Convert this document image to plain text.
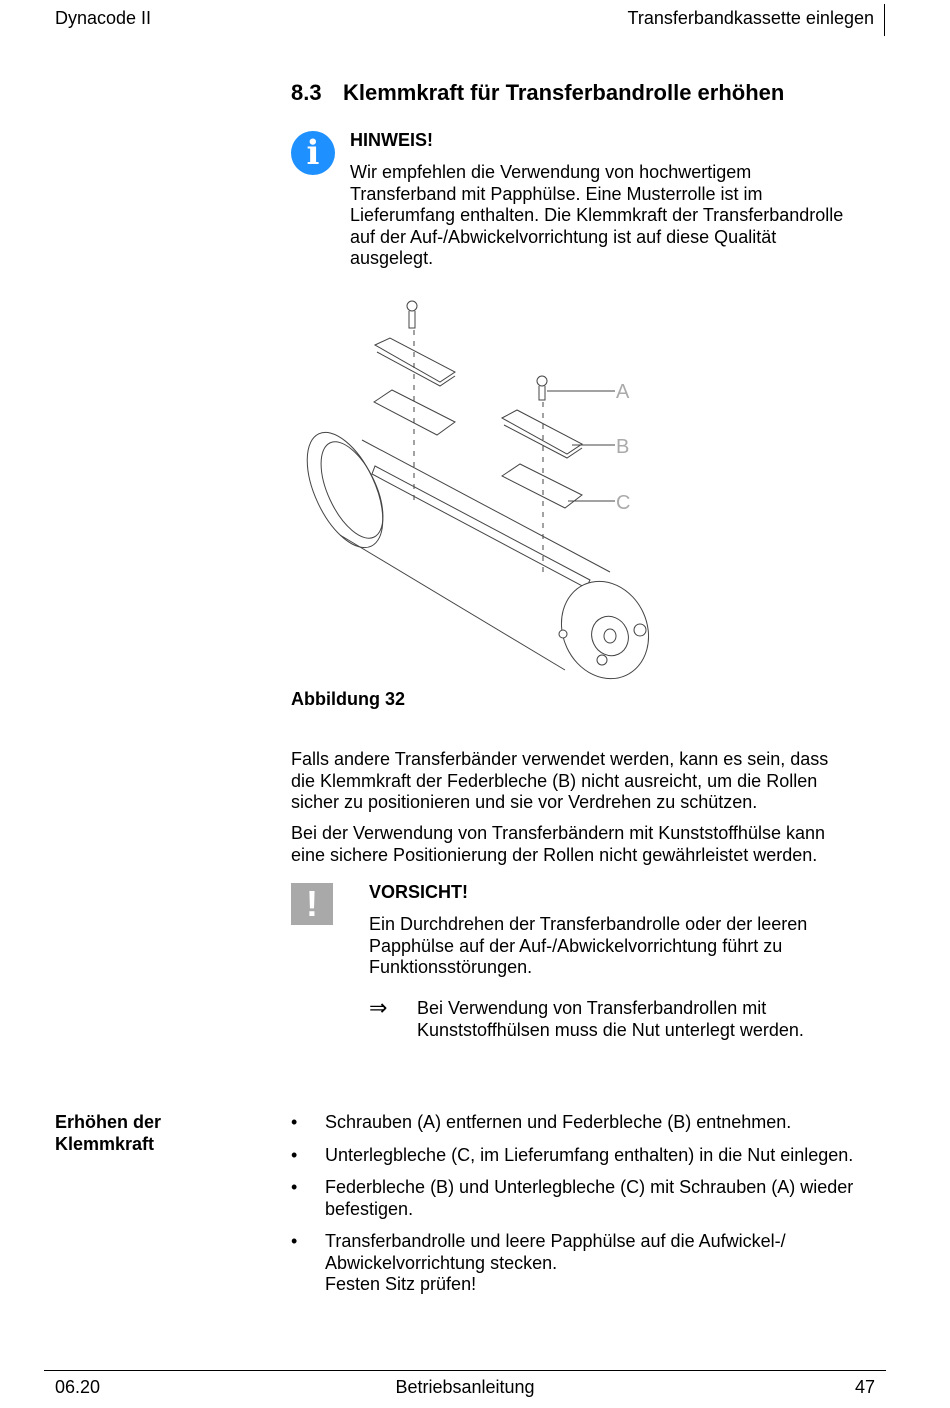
Dynacode II	Transferbandkassette einlegen
8.3 Klemmkraft für Transferbandrolle erhöhen
i	HINWEIS!
Wir empfehlen die Verwendung von hochwertigem
Transferband mit Papphülse. Eine Musterrolle ist im
Lieferumfang enthalten. Die Klemmkraft der Transferbandrolle
auf der Auf-/Abwickelvorrichtung ist auf diese Qualität
ausgelegt.
A
B
C
Abbildung 32
Falls andere Transferbänder verwendet werden, kann es sein, dass
die Klemmkraft der Federbleche (B) nicht ausreicht, um die Rollen
sicher zu positionieren und sie vor Verdrehen zu schützen.
Bei der Verwendung von Transferbändern mit Kunststoffhülse kann
eine sichere Positionierung der Rollen nicht gewährleistet werden.
!	VORSICHT!
Ein Durchdrehen der Transferbandrolle oder der leeren
Papphülse auf der Auf-/Abwickelvorrichtung führt zu
Funktionsstörungen.
⇒ Bei Verwendung von Transferbandrollen mit
Kunststoffhülsen muss die Nut unterlegt werden.
Erhöhen der
Klemmkraft
• Schrauben (A) entfernen und Federbleche (B) entnehmen.
• Unterlegbleche (C, im Lieferumfang enthalten) in die Nut einlegen.
• Federbleche (B) und Unterlegbleche (C) mit Schrauben (A) wieder
befestigen.
• Transferbandrolle und leere Papphülse auf die Aufwickel-/
Abwickelvorrichtung stecken.
Festen Sitz prüfen!
06.20	Betriebsanleitung	47
